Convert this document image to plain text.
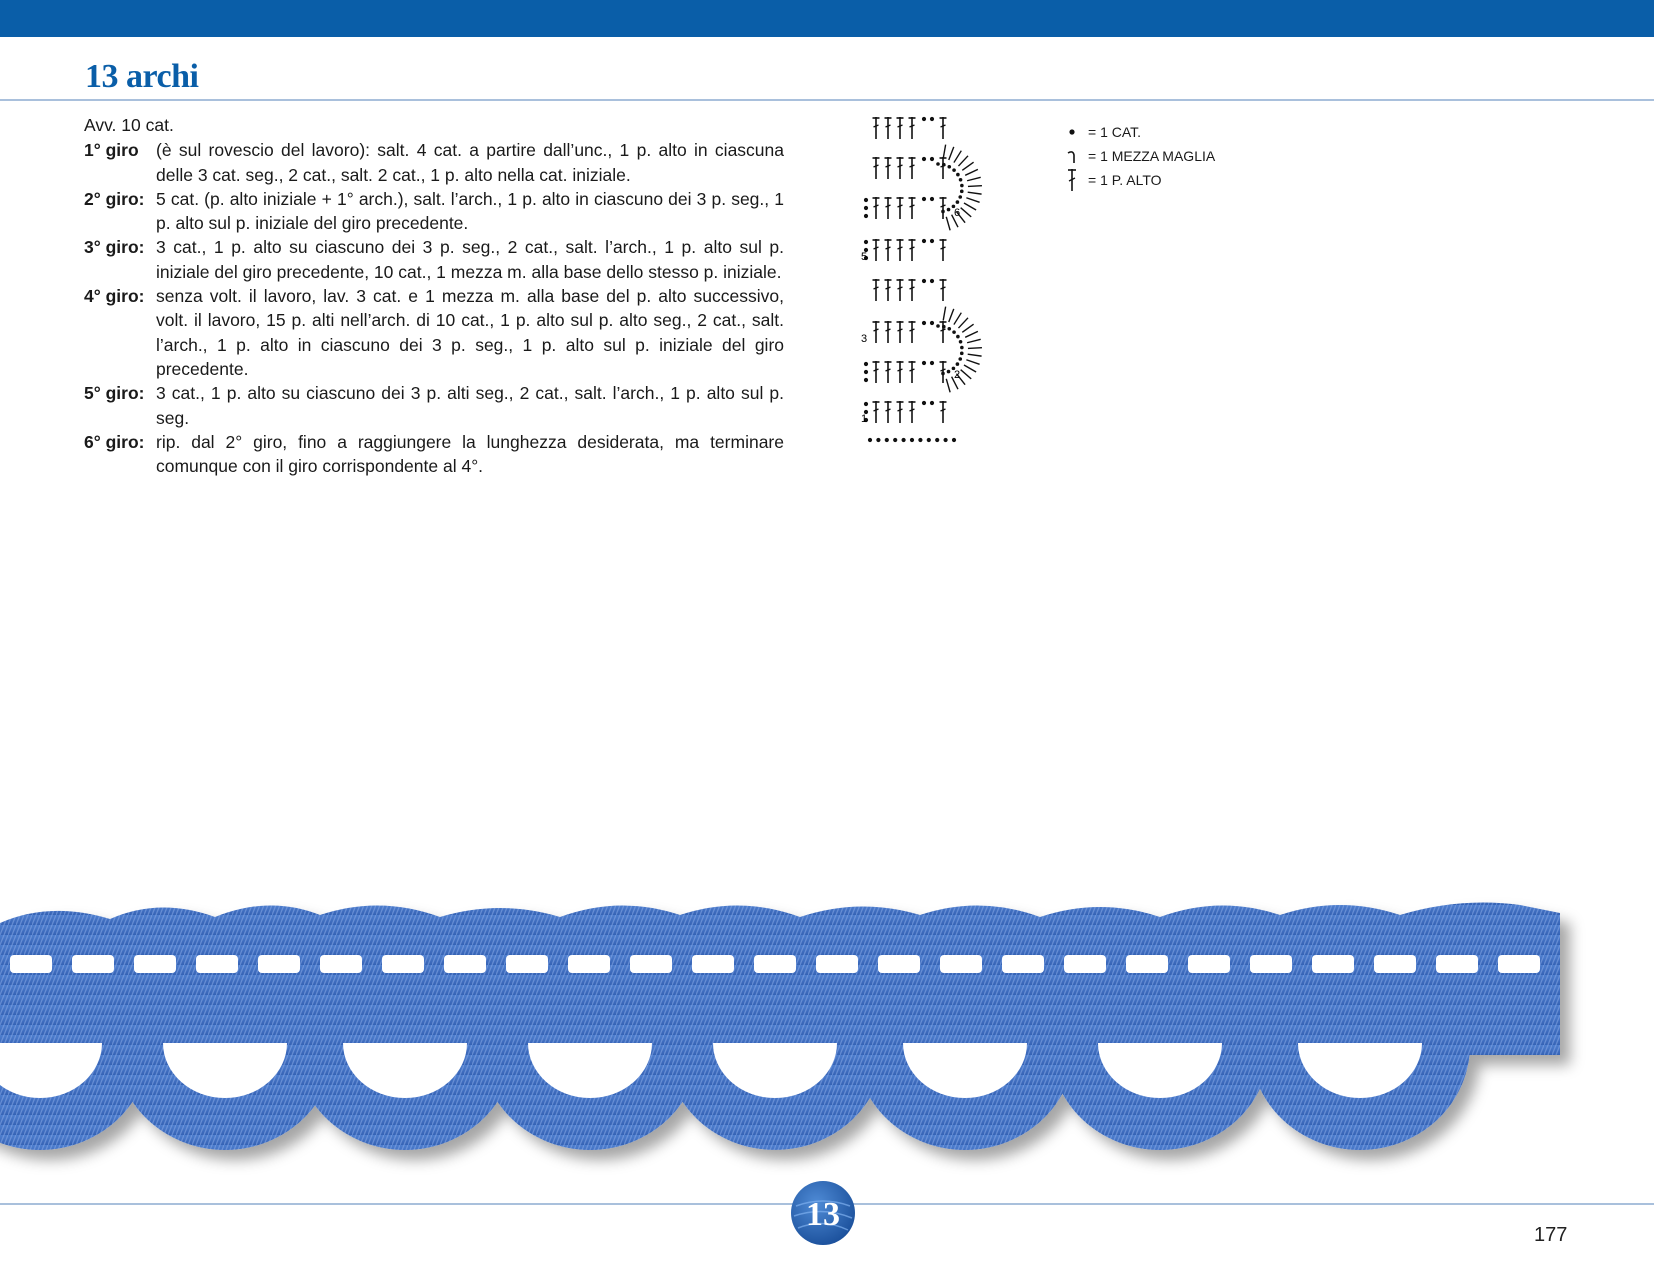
13 archi
Avv. 10 cat.
1° giro (è sul rovescio del lavoro): salt. 4 cat. a partire dall’unc., 1 p. alto in ciascuna delle 3 cat. seg., 2 cat., salt. 2 cat., 1 p. alto nella cat. iniziale.
2° giro: 5 cat. (p. alto iniziale + 1° arch.), salt. l’arch., 1 p. alto in ciascuno dei 3 p. seg., 1 p. alto sul p. iniziale del giro precedente.
3° giro: 3 cat., 1 p. alto su ciascuno dei 3 p. seg., 2 cat., salt. l’arch., 1 p. alto sul p. iniziale del giro precedente, 10 cat., 1 mezza m. alla base dello stesso p. iniziale.
4° giro: senza volt. il lavoro, lav. 3 cat. e 1 mezza m. alla base del p. alto successivo, volt. il lavoro, 15 p. alti nell’arch. di 10 cat., 1 p. alto sul p. alto seg., 2 cat., salt. l’arch., 1 p. alto in ciascuno dei 3 p. seg., 1 p. alto sul p. iniziale del giro precedente.
5° giro: 3 cat., 1 p. alto su ciascuno dei 3 p. alti seg., 2 cat., salt. l’arch., 1 p. alto sul p. seg.
6° giro: rip. dal 2° giro, fino a raggiungere la lunghezza desiderata, ma terminare comunque con il giro corrispondente al 4°.
5
3
1
6
2
= 1 CAT.
= 1 MEZZA MAGLIA
= 1 P. ALTO
13
177
